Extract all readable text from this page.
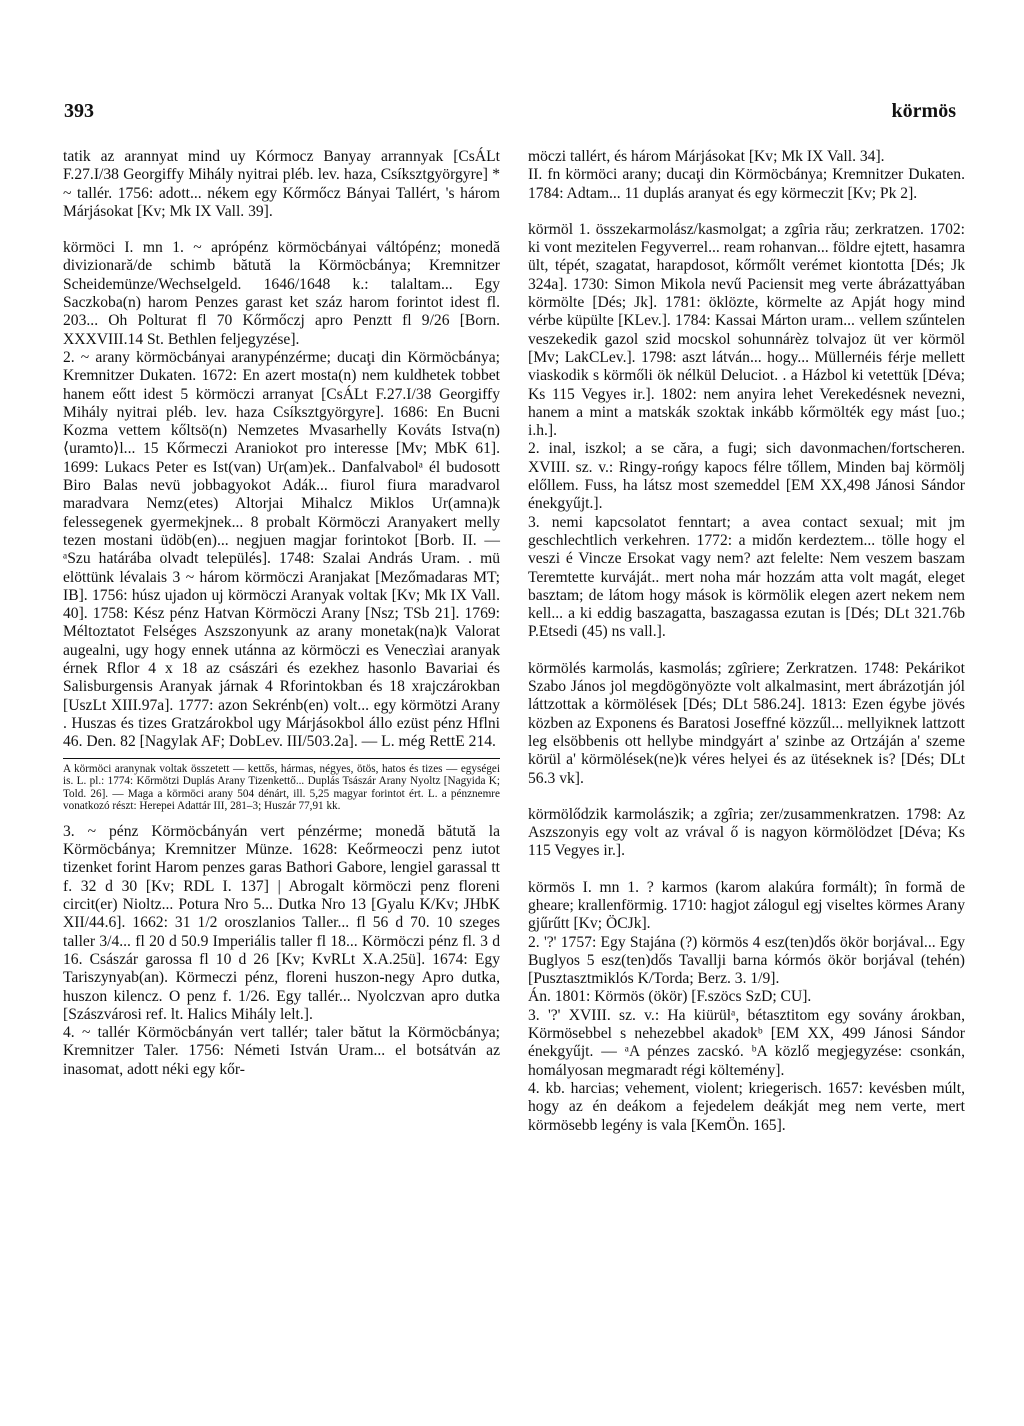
393	körmös

tatik az arannyat mind uy Kórmocz Banyay arrannyak [CsÁLt F.27.I/38 Georgiffy Mihály nyitrai pléb. lev. haza, Csíksztgyörgyre] * ~ tallér. 1756: adott... nékem egy Kőrmőcz Bányai Tallért, 's három Márjásokat [Kv; Mk IX Vall. 39].

körmöci I. mn 1. ~ aprópénz körmöcbányai váltópénz; monedă divizionară/de schimb bătută la Körmöcbánya; Kremnitzer Scheidemünze/Wechselgeld. 1646/1648 k.: talaltam... Egy Saczkoba(n) harom Penzes garast ket száz harom forintot idest fl. 203... Oh Polturat fl 70 Kőrmőczj apro Penztt fl 9/26 [Born. XXXVIII.14 St. Bethlen feljegyzése].

2. ~ arany körmöcbányai aranypénzérme; ducaţi din Körmöcbánya; Kremnitzer Dukaten. 1672: En azert mosta(n) nem kuldhetek tobbet hanem eőtt idest 5 körmöczi arranyat [CsÁLt F.27.I/38 Georgiffy Mihály nyitrai pléb. lev. haza Csíksztgyörgyre]. 1686: En Bucni Kozma vettem kőltsö(n) Nemzetes Mvasarhelly Kováts Istva(n) ⟨uramto⟩l... 15 Kőrmeczi Araniokot pro interesse [Mv; MbK 61]. 1699: Lukacs Peter es Ist(van) Ur(am)ek.. Danfalvabolᵃ él budosott Biro Balas nevü jobbagyokot Adák... fiurol fiura maradvarol maradvara Nemz(etes) Altorjai Mihalcz Miklos Ur(amna)k felessegenek gyermekjnek... 8 probalt Körmöczi Aranyakert melly tezen mostani üdöb(en)... negjuen magjar forintokot [Borb. II. — ᵃSzu határába olvadt település]. 1748: Szalai András Uram. . mü elöttünk lévalais 3 ~ három körmöczi Aranjakat [Mezőmadaras MT; IB]. 1756: húsz ujadon uj körmöczi Aranyak voltak [Kv; Mk IX Vall. 40]. 1758: Kész pénz Hatvan Körmöczi Arany [Nsz; TSb 21]. 1769: Méltoztatot Felséges Aszszonyunk az arany monetak(na)k Valorat augealni, ugy hogy ennek utánna az körmöczi es Veneczìai aranyak érnek Rflor 4 x 18 az császári és ezekhez hasonlo Bavariai és Salisburgensis Aranyak járnak 4 Rforintokban és 18 xrajczárokban [UszLt XIII.97a]. 1777: azon Sekrénb(en) volt... egy körmötzi Arany . Huszas és tizes Gratzárokbol ugy Márjásokbol állo ezüst pénz Hflni 46. Den. 82 [Nagylak AF; DobLev. III/503.2a]. — L. még RettE 214.

A körmöci aranynak voltak összetett — kettős, hármas, négyes, ötös, hatos és tizes — egységei is. L. pl.: 1774: Kőrmötzi Duplás Arany Tizenkettő... Duplás Tsászár Arany Nyoltz [Nagyida K; Told. 26]. — Maga a körmöci arany 504 dénárt, ill. 5,25 magyar forintot ért. L. a pénznemre vonatkozó részt: Herepei Adattár III, 281–3; Huszár 77,91 kk.

3. ~ pénz Körmöcbányán vert pénzérme; monedă bătută la Körmöcbánya; Kremnitzer Münze. 1628: Keőrmeoczi penz iutot tizenket forint Harom penzes garas Bathori Gabore, lengiel garassal tt f. 32 d 30 [Kv; RDL I. 137] | Abrogalt körmöczi penz floreni circit(er) Nioltz... Potura Nro 5... Dutka Nro 13 [Gyalu K/Kv; JHbK XII/44.6]. 1662: 31 1/2 oroszlanios Taller... fl 56 d 70. 10 szeges taller 3/4... fl 20 d 50.9 Imperiális taller fl 18... Körmöczi pénz fl. 3 d 16. Császár garossa fl 10 d 26 [Kv; KvRLt X.A.25ü]. 1674: Egy Tariszynyab(an). Körmeczi pénz, floreni huszon-negy Apro dutka, huszon kilencz. O penz f. 1/26. Egy tallér... Nyolczvan apro dutka [Szászvárosi ref. lt. Halics Mihály lelt.].

4. ~ tallér Körmöcbányán vert tallér; taler bătut la Körmöcbánya; Kremnitzer Taler. 1756: Németi István Uram... el botsátván az inasomat, adott néki egy kőr-

möczi tallért, és három Márjásokat [Kv; Mk IX Vall. 34].

II. fn körmöci arany; ducaţi din Körmöcbánya; Kremnitzer Dukaten. 1784: Adtam... 11 duplás aranyat és egy körmeczit [Kv; Pk 2].

körmöl 1. összekarmolász/kasmolgat; a zgîria rău; zerkratzen. 1702: ki vont mezitelen Fegyverrel... ream rohanvan... földre ejtett, hasamra ült, tépét, szagatat, harapdosot, kőrmőlt verémet kiontotta [Dés; Jk 324a]. 1730: Simon Mikola nevű Paciensit meg verte ábrázattyában körmölte [Dés; Jk]. 1781: öklözte, körmelte az Apját hogy mind vérbe küpülte [KLev.]. 1784: Kassai Márton uram... vellem szűntelen veszekedik gazol szid mocskol sohunnárèz tolvajoz üt ver körmöl [Mv; LakCLev.]. 1798: aszt látván... hogy... Müllernéis férje mellett viaskodik s körmőli ök nélkül Deluciot. . a Házbol ki vetettük [Déva; Ks 115 Vegyes ir.]. 1802: nem anyira lehet Verekedésnek nevezni, hanem a mint a matskák szoktak inkább kőrmölték egy mást [uo.; i.h.].

2. inal, iszkol; a se căra, a fugi; sich davonmachen/fortscheren. XVIII. sz. v.: Ringy-rońgy kapocs félre tőllem, Minden baj körmölj előllem. Fuss, ha látsz most szemeddel [EM XX,498 Jánosi Sándor énekgyűjt.].

3. nemi kapcsolatot fenntart; a avea contact sexual; mit jm geschlechtlich verkehren. 1772: a midőn kerdeztem... tölle hogy el veszi é Vincze Ersokat vagy nem? azt felelte: Nem veszem baszam Teremtette kurváját.. mert noha már hozzám atta volt magát, eleget basztam; de látom hogy mások is körmölik elegen azert nekem nem kell... a ki eddig baszagatta, baszagassa ezutan is [Dés; DLt 321.76b P.Etsedi (45) ns vall.].

körmölés karmolás, kasmolás; zgîriere; Zerkratzen. 1748: Pekárikot Szabo János jol megdögönyözte volt alkalmasint, mert ábrázotján jól láttzottak a körmölések [Dés; DLt 586.24]. 1813: Ezen égybe jövés közben az Exponens és Baratosi Joseffné közzűl... mellyiknek lattzott leg elsöbbenis ott hellybe mindgyárt a' szinbe az Ortzáján a' szeme körül a' körmölések(ne)k véres helyei és az ütéseknek is? [Dés; DLt 56.3 vk].

körmölődzik karmolászik; a zgîria; zer/zusammenkratzen. 1798: Az Aszszonyis egy volt az vrával ő is nagyon körmölödzet [Déva; Ks 115 Vegyes ir.].

körmös I. mn 1. ? karmos (karom alakúra formált); în formă de gheare; krallenförmig. 1710: hagjot zálogul egj viseltes körmes Arany gjűrűtt [Kv; ÖCJk].

2. '?' 1757: Egy Stajána (?) körmös 4 esz(ten)dős ökör borjával... Egy Buglyos 5 esz(ten)dős Tavallji barna kórmós ökör borjával (tehén) [Pusztasztmiklós K/Torda; Berz. 3. 1/9].

Án. 1801: Körmös (ökör) [F.szöcs SzD; CU].

3. '?' XVIII. sz. v.: Ha kiürülᵃ, bétasztitom egy sovány árokban, Körmösebbel s nehezebbel akadokᵇ [EM XX, 499 Jánosi Sándor énekgyűjt. — ᵃA pénzes zacskó. ᵇA közlő megjegyzése: csonkán, homályosan megmaradt régi költemény].

4. kb. harcias; vehement, violent; kriegerisch. 1657: kevésben múlt, hogy az én deákom a fejedelem deákját meg nem verte, mert körmösebb legény is vala [KemÖn. 165].
